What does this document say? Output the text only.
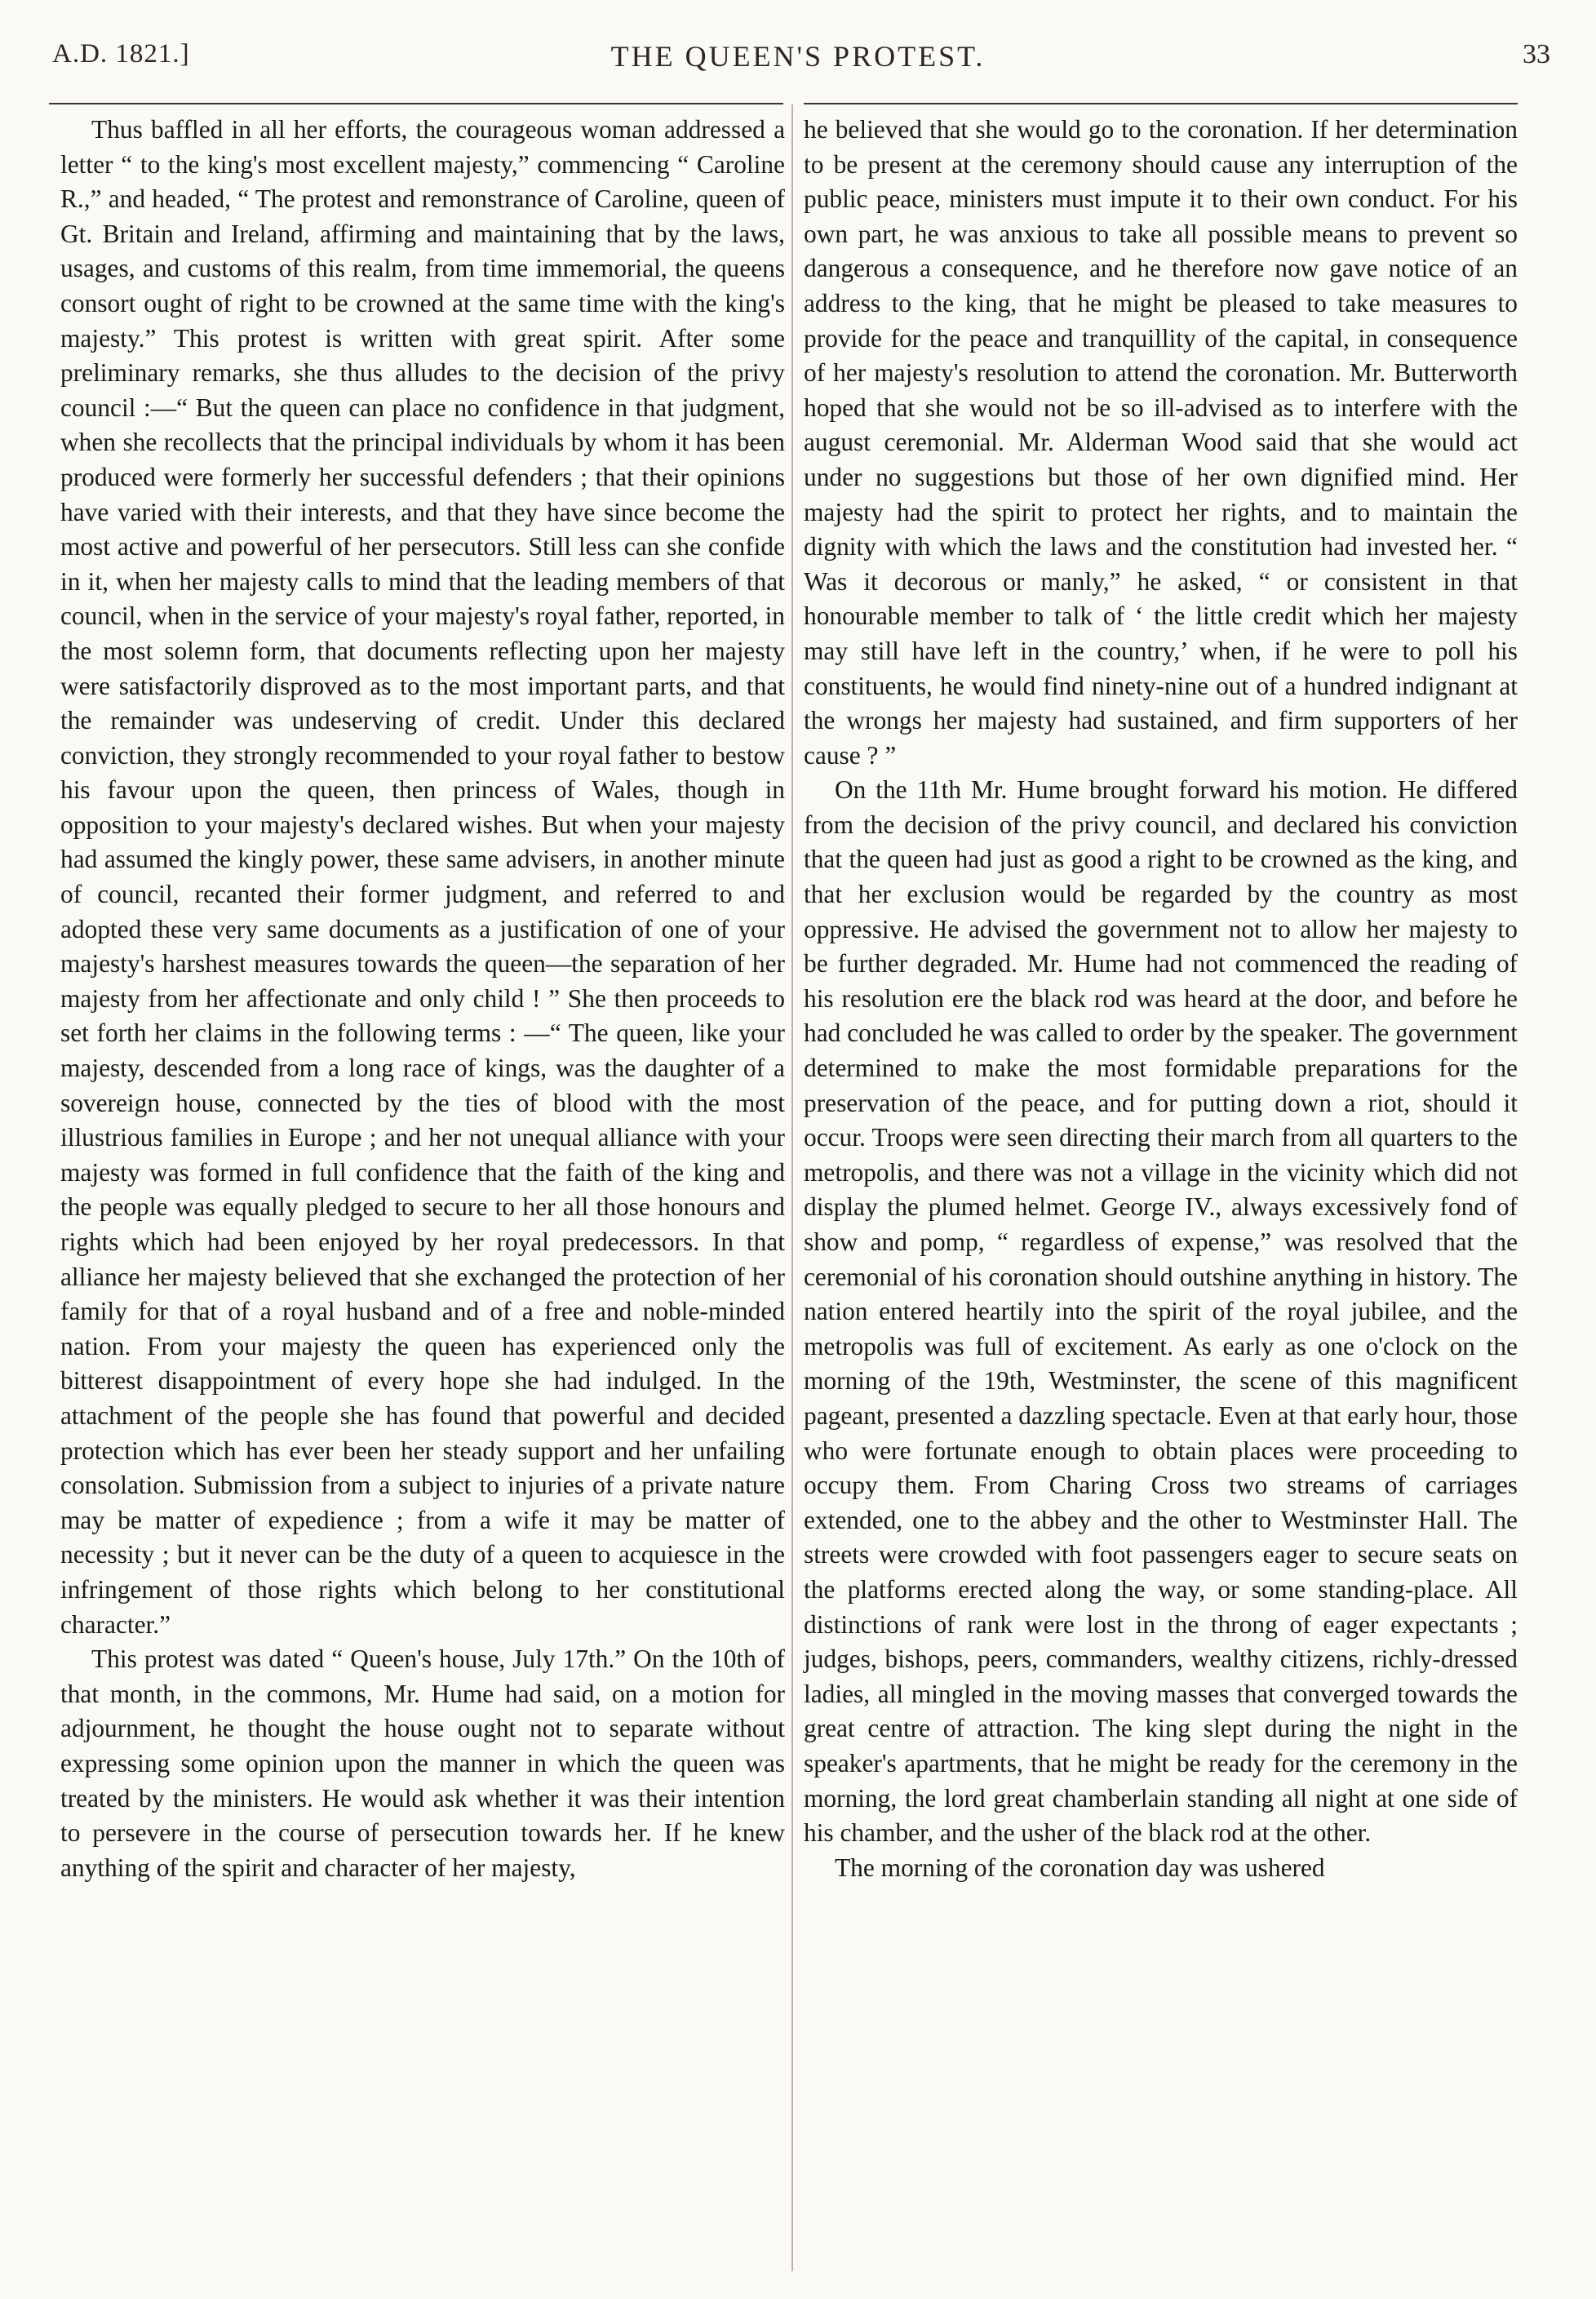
A.D. 1821.]	THE QUEEN'S PROTEST.	33

Thus baffled in all her efforts, the courageous woman addressed a letter “ to the king's most excellent majesty,” commencing “ Caroline R.,” and headed, “ The protest and remonstrance of Caroline, queen of Gt. Britain and Ireland, affirming and maintaining that by the laws, usages, and customs of this realm, from time immemorial, the queens consort ought of right to be crowned at the same time with the king's majesty.” This protest is written with great spirit. After some preliminary remarks, she thus alludes to the decision of the privy council :—“ But the queen can place no confidence in that judgment, when she recollects that the principal individuals by whom it has been produced were formerly her successful defenders ; that their opinions have varied with their interests, and that they have since become the most active and powerful of her persecutors. Still less can she confide in it, when her majesty calls to mind that the leading members of that council, when in the service of your majesty's royal father, reported, in the most solemn form, that documents reflecting upon her majesty were satisfactorily disproved as to the most important parts, and that the remainder was undeserving of credit. Under this declared conviction, they strongly recommended to your royal father to bestow his favour upon the queen, then princess of Wales, though in opposition to your majesty's declared wishes. But when your majesty had assumed the kingly power, these same advisers, in another minute of council, recanted their former judgment, and referred to and adopted these very same documents as a justification of one of your majesty's harshest measures towards the queen—the separation of her majesty from her affectionate and only child ! ” She then proceeds to set forth her claims in the following terms : —“ The queen, like your majesty, descended from a long race of kings, was the daughter of a sovereign house, connected by the ties of blood with the most illustrious families in Europe ; and her not unequal alliance with your majesty was formed in full confidence that the faith of the king and the people was equally pledged to secure to her all those honours and rights which had been enjoyed by her royal predecessors. In that alliance her majesty believed that she exchanged the protection of her family for that of a royal husband and of a free and noble-minded nation. From your majesty the queen has experienced only the bitterest disappointment of every hope she had indulged. In the attachment of the people she has found that powerful and decided protection which has ever been her steady support and her unfailing consolation. Submission from a subject to injuries of a private nature may be matter of expedience ; from a wife it may be matter of necessity ; but it never can be the duty of a queen to acquiesce in the infringement of those rights which belong to her constitutional character.”

This protest was dated “ Queen's house, July 17th.” On the 10th of that month, in the commons, Mr. Hume had said, on a motion for adjournment, he thought the house ought not to separate without expressing some opinion upon the manner in which the queen was treated by the ministers. He would ask whether it was their intention to persevere in the course of persecution towards her. If he knew anything of the spirit and character of her majesty,

he believed that she would go to the coronation. If her determination to be present at the ceremony should cause any interruption of the public peace, ministers must impute it to their own conduct. For his own part, he was anxious to take all possible means to prevent so dangerous a consequence, and he therefore now gave notice of an address to the king, that he might be pleased to take measures to provide for the peace and tranquillity of the capital, in consequence of her majesty's resolution to attend the coronation. Mr. Butterworth hoped that she would not be so ill-advised as to interfere with the august ceremonial. Mr. Alderman Wood said that she would act under no suggestions but those of her own dignified mind. Her majesty had the spirit to protect her rights, and to maintain the dignity with which the laws and the constitution had invested her. “ Was it decorous or manly,” he asked, “ or consistent in that honourable member to talk of ‘ the little credit which her majesty may still have left in the country,’ when, if he were to poll his constituents, he would find ninety-nine out of a hundred indignant at the wrongs her majesty had sustained, and firm supporters of her cause ? ”

On the 11th Mr. Hume brought forward his motion. He differed from the decision of the privy council, and declared his conviction that the queen had just as good a right to be crowned as the king, and that her exclusion would be regarded by the country as most oppressive. He advised the government not to allow her majesty to be further degraded. Mr. Hume had not commenced the reading of his resolution ere the black rod was heard at the door, and before he had concluded he was called to order by the speaker. The government determined to make the most formidable preparations for the preservation of the peace, and for putting down a riot, should it occur. Troops were seen directing their march from all quarters to the metropolis, and there was not a village in the vicinity which did not display the plumed helmet. George IV., always excessively fond of show and pomp, “ regardless of expense,” was resolved that the ceremonial of his coronation should outshine anything in history. The nation entered heartily into the spirit of the royal jubilee, and the metropolis was full of excitement. As early as one o'clock on the morning of the 19th, Westminster, the scene of this magnificent pageant, presented a dazzling spectacle. Even at that early hour, those who were fortunate enough to obtain places were proceeding to occupy them. From Charing Cross two streams of carriages extended, one to the abbey and the other to Westminster Hall. The streets were crowded with foot passengers eager to secure seats on the platforms erected along the way, or some standing-place. All distinctions of rank were lost in the throng of eager expectants ; judges, bishops, peers, commanders, wealthy citizens, richly-dressed ladies, all mingled in the moving masses that converged towards the great centre of attraction. The king slept during the night in the speaker's apartments, that he might be ready for the ceremony in the morning, the lord great chamberlain standing all night at one side of his chamber, and the usher of the black rod at the other.

The morning of the coronation day was ushered
